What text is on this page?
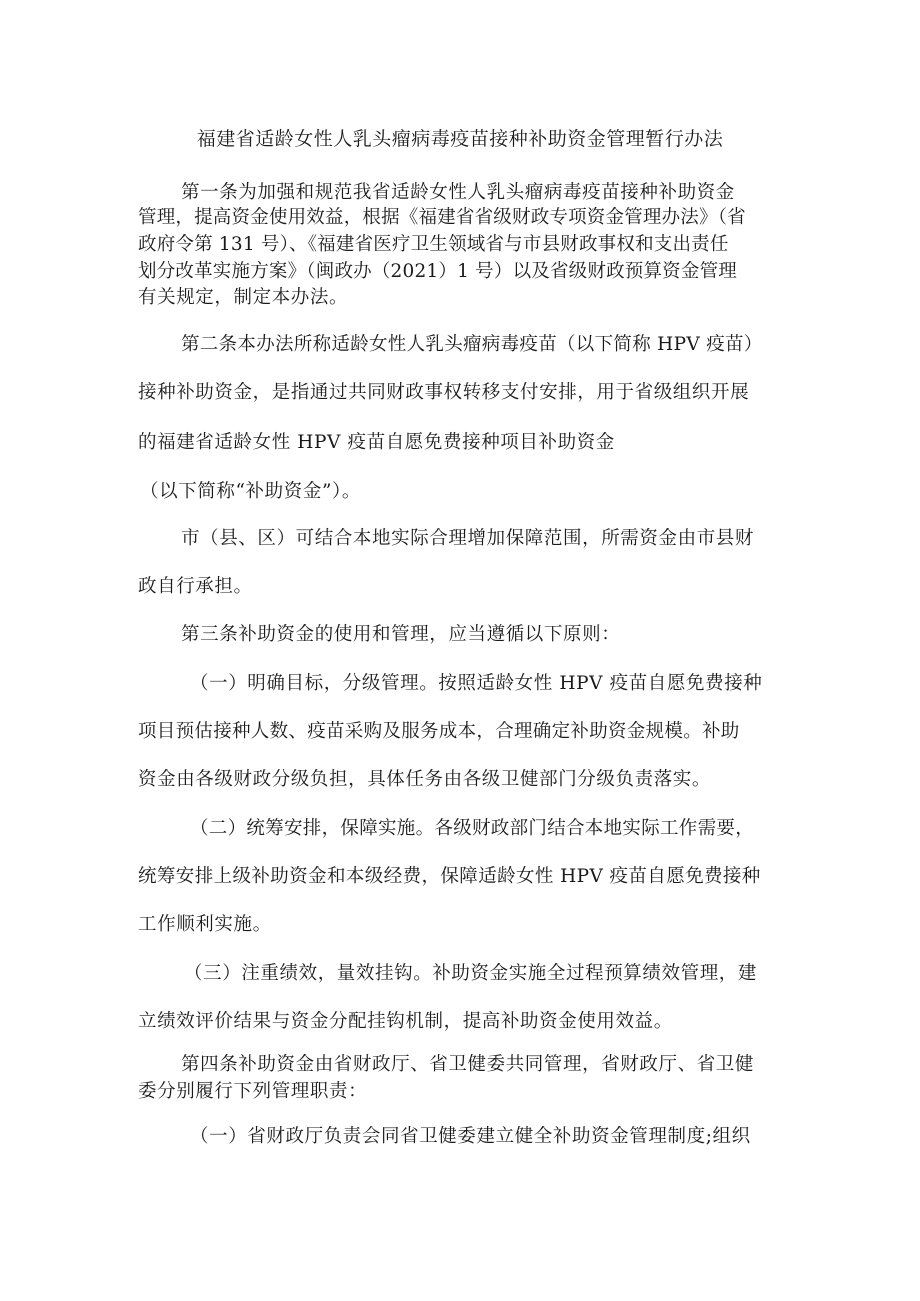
福建省适龄女性人乳头瘤病毒疫苗接种补助资金管理暂行办法
第一条为加强和规范我省适龄女性人乳头瘤病毒疫苗接种补助资金
管理，提高资金使用效益，根据《福建省省级财政专项资金管理办法》（省
政府令第 131 号）、《福建省医疗卫生领域省与市县财政事权和支出责任
划分改革实施方案》（闽政办（2021）1 号）以及省级财政预算资金管理
有关规定，制定本办法。
第二条本办法所称适龄女性人乳头瘤病毒疫苗（以下简称 HPV 疫苗）
接种补助资金，是指通过共同财政事权转移支付安排，用于省级组织开展
的福建省适龄女性 HPV 疫苗自愿免费接种项目补助资金
（以下简称“补助资金”）。
市（县、区）可结合本地实际合理增加保障范围，所需资金由市县财
政自行承担。
第三条补助资金的使用和管理，应当遵循以下原则：
（一）明确目标，分级管理。按照适龄女性 HPV 疫苗自愿免费接种
项目预估接种人数、疫苗采购及服务成本，合理确定补助资金规模。补助
资金由各级财政分级负担，具体任务由各级卫健部门分级负责落实。
（二）统筹安排，保障实施。各级财政部门结合本地实际工作需要，
统筹安排上级补助资金和本级经费，保障适龄女性 HPV 疫苗自愿免费接种
工作顺利实施。
（三）注重绩效，量效挂钩。补助资金实施全过程预算绩效管理，建
立绩效评价结果与资金分配挂钩机制，提高补助资金使用效益。
第四条补助资金由省财政厅、省卫健委共同管理，省财政厅、省卫健
委分别履行下列管理职责：
（一）省财政厅负责会同省卫健委建立健全补助资金管理制度;组织
